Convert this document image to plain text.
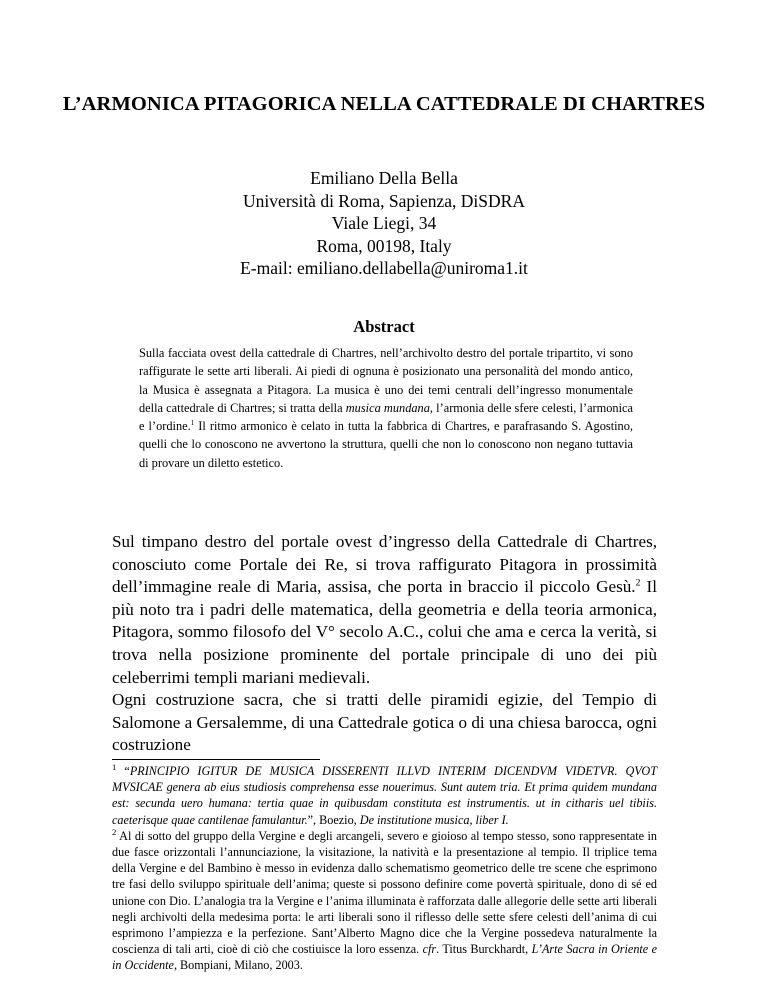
L’ARMONICA PITAGORICA NELLA CATTEDRALE DI CHARTRES
Emiliano Della Bella
Università di Roma, Sapienza, DiSDRA
Viale Liegi, 34
Roma, 00198, Italy
E-mail: emiliano.dellabella@uniroma1.it
Abstract
Sulla facciata ovest della cattedrale di Chartres, nell’archivolto destro del portale tripartito, vi sono raffigurate le sette arti liberali. Ai piedi di ognuna è posizionato una personalità del mondo antico, la Musica è assegnata a Pitagora. La musica è uno dei temi centrali dell’ingresso monumentale della cattedrale di Chartres; si tratta della musica mundana, l’armonia delle sfere celesti, l’armonica e l’ordine.$^1$ Il ritmo armonico è celato in tutta la fabbrica di Chartres, e parafrasando S. Agostino, quelli che lo conoscono ne avvertono la struttura, quelli che non lo conoscono non negano tuttavia di provare un diletto estetico.

Sul timpano destro del portale ovest d’ingresso della Cattedrale di Chartres, conosciuto come Portale dei Re, si trova raffigurato Pitagora in prossimità dell’immagine reale di Maria, assisa, che porta in braccio il piccolo Gesù.$^2$ Il più noto tra i padri delle matematica, della geometria e della teoria armonica, Pitagora, sommo filosofo del V° secolo A.C., colui che ama e cerca la verità, si trova nella posizione prominente del portale principale di uno dei più celeberrimi templi mariani medievali.

Ogni costruzione sacra, che si tratti delle piramidi egizie, del Tempio di Salomone a Gersalemme, di una Cattedrale gotica o di una chiesa barocca, ogni costruzione

$^1$ “PRINCIPIO IGITUR DE MUSICA DISSERENTI ILLVD INTERIM DICENDVM VIDETVR. QVOT MVSICAE genera ab eius studiosis comprehensa esse nouerimus. Sunt autem tria. Et prima quidem mundana est: secunda uero humana: tertia quae in quibusdam constituta est instrumentis. ut in citharis uel tibiis. caeterisque quae cantilenae famulantur.”, Boezio, De institutione musica, liber I.

$^2$ Al di sotto del gruppo della Vergine e degli arcangeli, severo e gioioso al tempo stesso, sono rappresentate in due fasce orizzontali l’annunciazione, la visitazione, la natività e la presentazione al tempio. Il triplice tema della Vergine e del Bambino è messo in evidenza dallo schematismo geometrico delle tre scene che esprimono tre fasi dello sviluppo spirituale dell’anima; queste si possono definire come povertà spirituale, dono di sé ed unione con Dio. L’analogia tra la Vergine e l’anima illuminata è rafforzata dalle allegorie delle sette arti liberali negli archivolti della medesima porta: le arti liberali sono il riflesso delle sette sfere celesti dell’anima di cui esprimono l’ampiezza e la perfezione. Sant’Alberto Magno dice che la Vergine possedeva naturalmente la coscienza di tali arti, cioè di ciò che costiuisce la loro essenza. cfr. Titus Burckhardt, L’Arte Sacra in Oriente e in Occidente, Bompiani, Milano, 2003.
